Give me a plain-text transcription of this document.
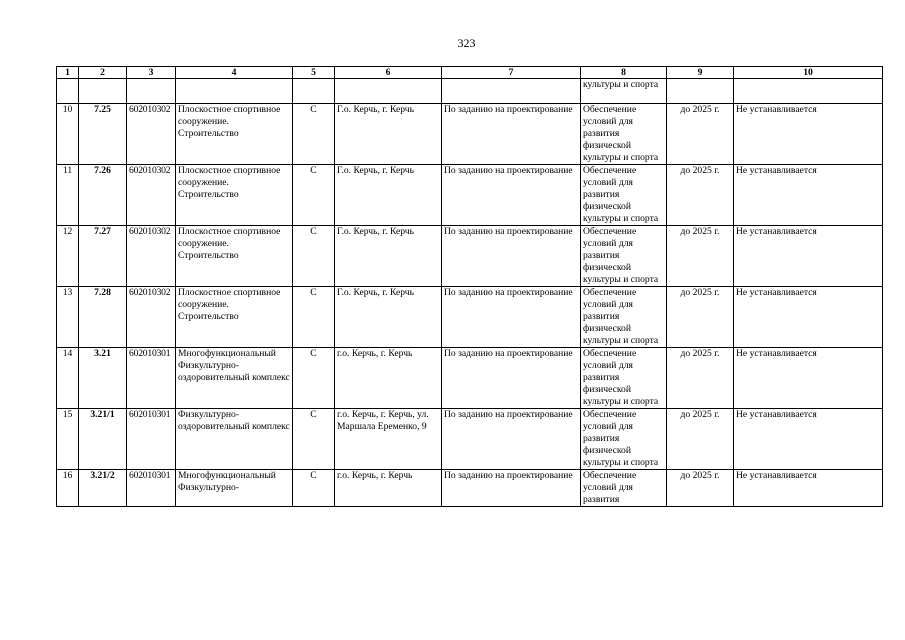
323
1	2	3	4	5	6	7	8	9	10
							культуры и спорта		
10	7.25	602010302	Плоскостное спортивное сооружение. Строительство	С	Г.о. Керчь, г. Керчь	По заданию на проектирование	Обеспечение условий для развития физической культуры и спорта	до 2025 г.	Не устанавливается
11	7.26	602010302	Плоскостное спортивное сооружение. Строительство	С	Г.о. Керчь, г. Керчь	По заданию на проектирование	Обеспечение условий для развития физической культуры и спорта	до 2025 г.	Не устанавливается
12	7.27	602010302	Плоскостное спортивное сооружение. Строительство	С	Г.о. Керчь, г. Керчь	По заданию на проектирование	Обеспечение условий для развития физической культуры и спорта	до 2025 г.	Не устанавливается
13	7.28	602010302	Плоскостное спортивное сооружение. Строительство	С	Г.о. Керчь, г. Керчь	По заданию на проектирование	Обеспечение условий для развития физической культуры и спорта	до 2025 г.	Не устанавливается
14	3.21	602010301	Многофункциональный Физкультурно-оздоровительный комплекс	С	г.о. Керчь, г. Керчь	По заданию на проектирование	Обеспечение условий для развития физической культуры и спорта	до 2025 г.	Не устанавливается
15	3.21/1	602010301	Физкультурно-оздоровительный комплекс	С	г.о. Керчь, г. Керчь, ул. Маршала Еременко, 9	По заданию на проектирование	Обеспечение условий для развития физической культуры и спорта	до 2025 г.	Не устанавливается
16	3.21/2	602010301	Многофункциональный Физкультурно-	С	г.о. Керчь, г. Керчь	По заданию на проектирование	Обеспечение условий для развития	до 2025 г.	Не устанавливается
